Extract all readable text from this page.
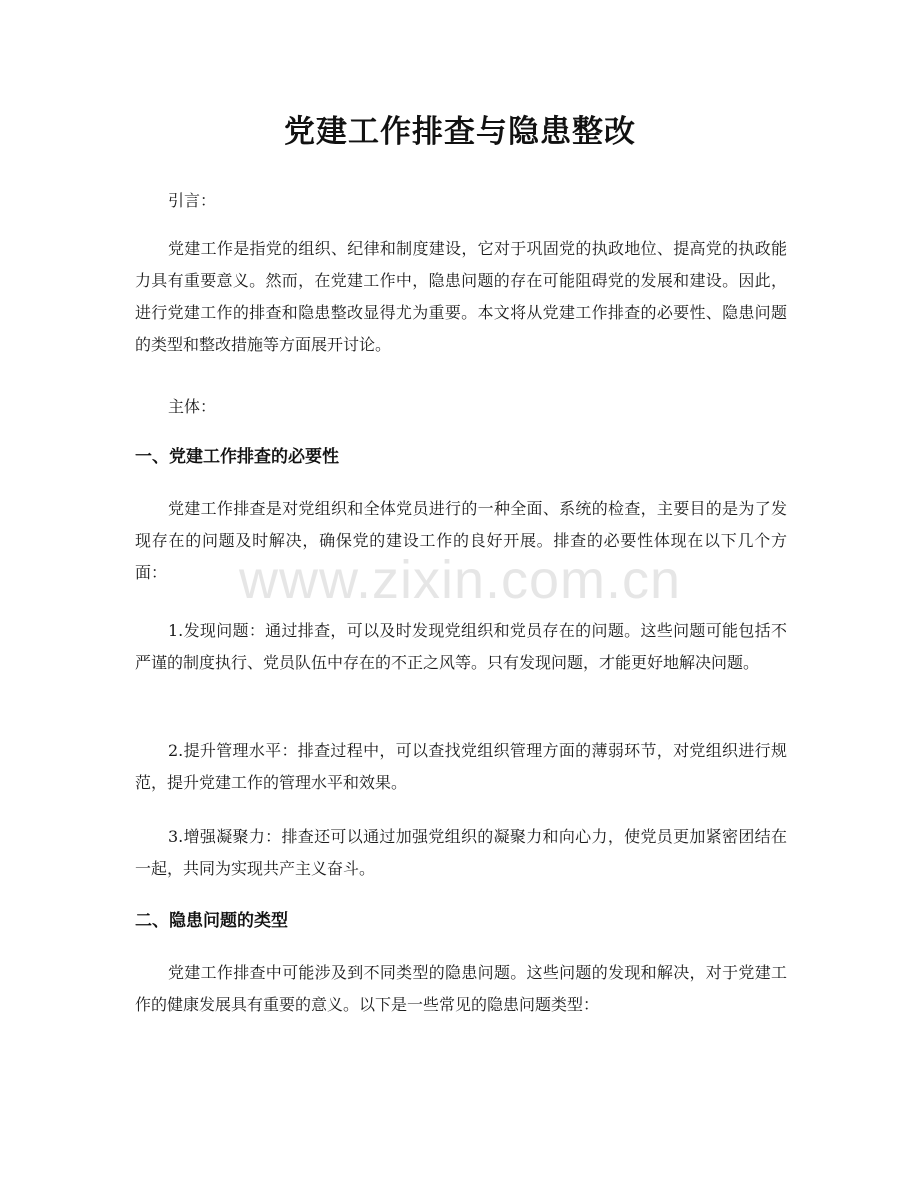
党建工作排查与隐患整改
引言：
党建工作是指党的组织、纪律和制度建设，它对于巩固党的执政地位、提高党的执政能力具有重要意义。然而，在党建工作中，隐患问题的存在可能阻碍党的发展和建设。因此，进行党建工作的排查和隐患整改显得尤为重要。本文将从党建工作排查的必要性、隐患问题的类型和整改措施等方面展开讨论。
主体：
一、党建工作排查的必要性
党建工作排查是对党组织和全体党员进行的一种全面、系统的检查，主要目的是为了发现存在的问题及时解决，确保党的建设工作的良好开展。排查的必要性体现在以下几个方面：
1.发现问题：通过排查，可以及时发现党组织和党员存在的问题。这些问题可能包括不严谨的制度执行、党员队伍中存在的不正之风等。只有发现问题，才能更好地解决问题。
2.提升管理水平：排查过程中，可以查找党组织管理方面的薄弱环节，对党组织进行规范，提升党建工作的管理水平和效果。
3.增强凝聚力：排查还可以通过加强党组织的凝聚力和向心力，使党员更加紧密团结在一起，共同为实现共产主义奋斗。
二、隐患问题的类型
党建工作排查中可能涉及到不同类型的隐患问题。这些问题的发现和解决，对于党建工作的健康发展具有重要的意义。以下是一些常见的隐患问题类型：
www.zixin.com.cn
